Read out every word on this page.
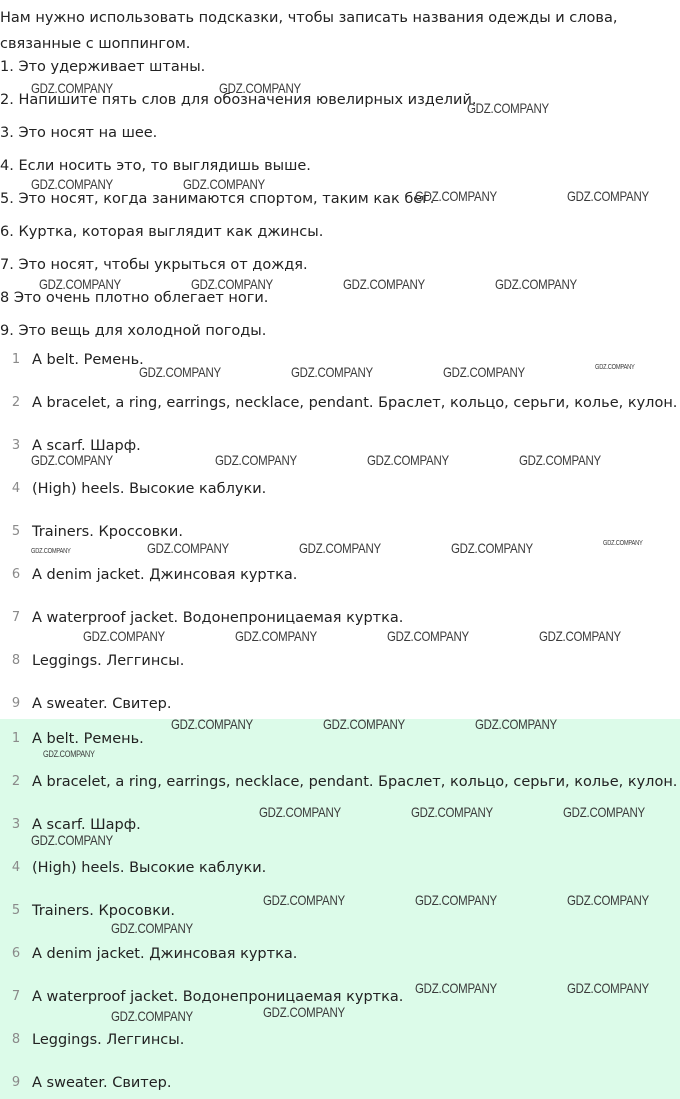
Нам нужно использовать подсказки, чтобы записать названия одежды и слова, связанные с шоппингом.
1. Это удерживает штаны.
2. Напишите пять слов для обозначения ювелирных изделий.
3. Это носят на шее.
4. Если носить это, то выглядишь выше.
5. Это носят, когда занимаются спортом, таким как бег.
6. Куртка, которая выглядит как джинсы.
7. Это носят, чтобы укрыться от дождя.
8 Это очень плотно облегает ноги.
9. Это вещь для холодной погоды.
1 A belt. Ремень.
2 A bracelet, a ring, earrings, necklace, pendant. Браслет, кольцо, серьги, колье, кулон.
3 A scarf. Шарф.
4 (High) heels. Высокие каблуки.
5 Trainers. Кроссовки.
6 A denim jacket. Джинсовая куртка.
7 A waterproof jacket. Водонепроницаемая куртка.
8 Leggings. Леггинсы.
9 A sweater. Свитер.
1 A belt. Ремень.
2 A bracelet, a ring, earrings, necklace, pendant. Браслет, кольцо, серьги, колье, кулон.
3 A scarf. Шарф.
4 (High) heels. Высокие каблуки.
5 Trainers. Кросовки.
6 A denim jacket. Джинсовая куртка.
7 A waterproof jacket. Водонепроницаемая куртка.
8 Leggings. Леггинсы.
9 A sweater. Свитер.
GDZ.COMPANY	GDZ.COMPANY
GDZ.COMPANY
GDZ.COMPANY	GDZ.COMPANY
GDZ.COMPANY	GDZ.COMPANY
GDZ.COMPANY	GDZ.COMPANY	GDZ.COMPANY	GDZ.COMPANY
GDZ.COMPANY	GDZ.COMPANY	GDZ.COMPANY	GDZ.COMPANY
GDZ.COMPANY	GDZ.COMPANY	GDZ.COMPANY	GDZ.COMPANY
GDZ.COMPANY	GDZ.COMPANY	GDZ.COMPANY	GDZ.COMPANY	GDZ.COMPANY
GDZ.COMPANY	GDZ.COMPANY	GDZ.COMPANY	GDZ.COMPANY
GDZ.COMPANY	GDZ.COMPANY	GDZ.COMPANY
GDZ.COMPANY
GDZ.COMPANY	GDZ.COMPANY	GDZ.COMPANY
GDZ.COMPANY
GDZ.COMPANY	GDZ.COMPANY	GDZ.COMPANY
GDZ.COMPANY
GDZ.COMPANY	GDZ.COMPANY
GDZ.COMPANY
GDZ.COMPANY
